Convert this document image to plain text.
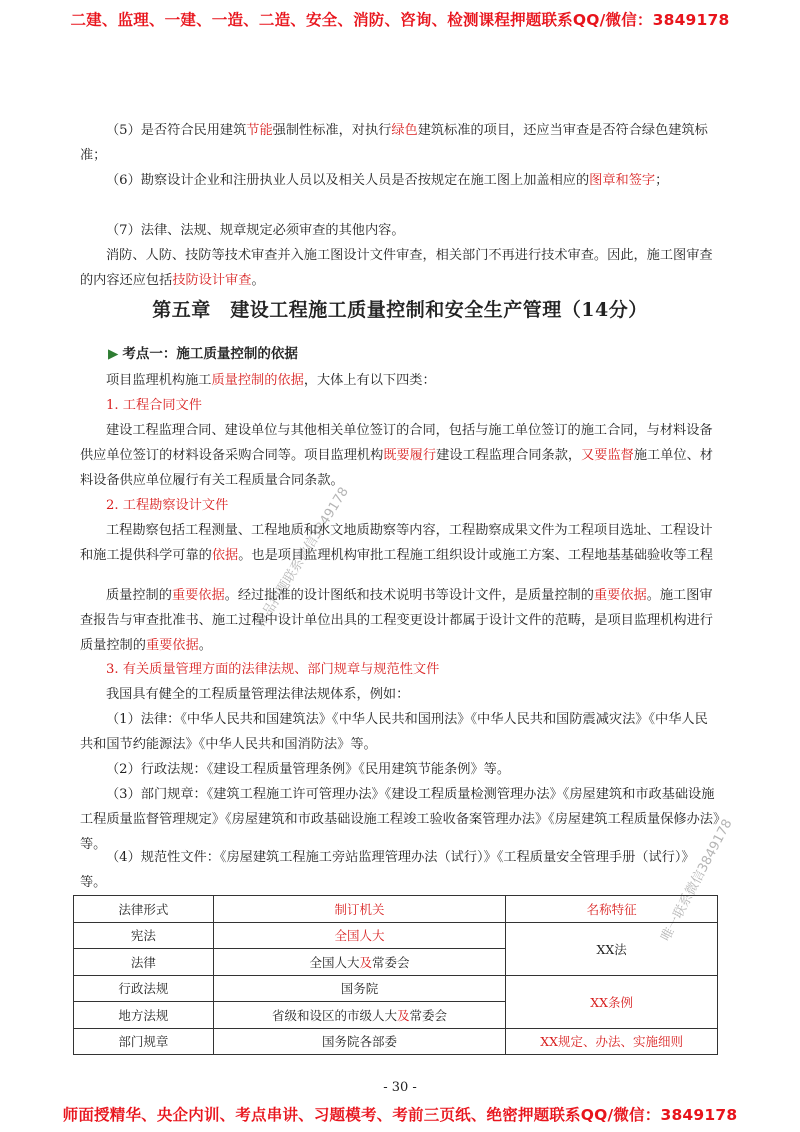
二建、监理、一建、一造、二造、安全、消防、咨询、检测课程押题联系QQ/微信：3849178
（5）是否符合民用建筑节能强制性标准，对执行绿色建筑标准的项目，还应当审查是否符合绿色建筑标准；
（6）勘察设计企业和注册执业人员以及相关人员是否按规定在施工图上加盖相应的图章和签字；
（7）法律、法规、规章规定必须审查的其他内容。
消防、人防、技防等技术审查并入施工图设计文件审查，相关部门不再进行技术审查。因此，施工图审查的内容还应包括技防设计审查。
第五章　建设工程施工质量控制和安全生产管理（14分）
▶ 考点一：施工质量控制的依据
项目监理机构施工质量控制的依据，大体上有以下四类：
1. 工程合同文件
建设工程监理合同、建设单位与其他相关单位签订的合同，包括与施工单位签订的施工合同，与材料设备供应单位签订的材料设备采购合同等。项目监理机构既要履行建设工程监理合同条款，又要监督施工单位、材料设备供应单位履行有关工程质量合同条款。
2. 工程勘察设计文件
工程勘察包括工程测量、工程地质和水文地质勘察等内容，工程勘察成果文件为工程项目选址、工程设计和施工提供科学可靠的依据。也是项目监理机构审批工程施工组织设计或施工方案、工程地基基础验收等工程
质量控制的重要依据。经过批准的设计图纸和技术说明书等设计文件，是质量控制的重要依据。施工图审查报告与审查批准书、施工过程中设计单位出具的工程变更设计都属于设计文件的范畴，是项目监理机构进行质量控制的重要依据。
3. 有关质量管理方面的法律法规、部门规章与规范性文件
我国具有健全的工程质量管理法律法规体系，例如：
（1）法律：《中华人民共和国建筑法》《中华人民共和国刑法》《中华人民共和国防震减灾法》《中华人民共和国节约能源法》《中华人民共和国消防法》等。
（2）行政法规：《建设工程质量管理条例》《民用建筑节能条例》等。
（3）部门规章：《建筑工程施工许可管理办法》《建设工程质量检测管理办法》《房屋建筑和市政基础设施工程质量监督管理规定》《房屋建筑和市政基础设施工程竣工验收备案管理办法》《房屋建筑工程质量保修办法》等。
（4）规范性文件：《房屋建筑工程施工旁站监理管理办法（试行）》《工程质量安全管理手册（试行）》等。
法律形式	制订机关	名称特征
宪法	全国人大	XX法
法律	全国人大及常委会	
行政法规	国务院	XX条例
地方法规	省级和设区的市级人大及常委会	
部门规章	国务院各部委	XX规定、办法、实施细则
精品押题联系微信3849178
唯一联系微信3849178
- 30 -
师面授精华、央企内训、考点串讲、习题模考、考前三页纸、绝密押题联系QQ/微信：3849178
